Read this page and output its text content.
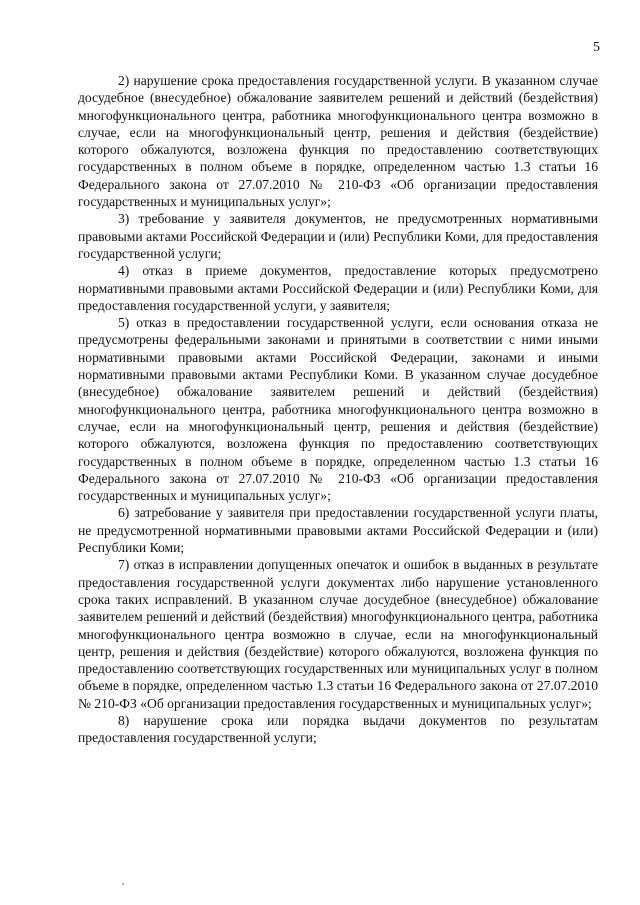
5

2) нарушение срока предоставления государственной услуги. В указанном случае досудебное (внесудебное) обжалование заявителем решений и действий (бездействия) многофункционального центра, работника многофункционального центра возможно в случае, если на многофункциональный центр, решения и действия (бездействие) которого обжалуются, возложена функция по предоставлению соответствующих государственных в полном объеме в порядке, определенном частью 1.3 статьи 16 Федерального закона от 27.07.2010 № 210-ФЗ «Об организации предоставления государственных и муниципальных услуг»;

3) требование у заявителя документов, не предусмотренных нормативными правовыми актами Российской Федерации и (или) Республики Коми, для предоставления государственной услуги;

4) отказ в приеме документов, предоставление которых предусмотрено нормативными правовыми актами Российской Федерации и (или) Республики Коми, для предоставления государственной услуги, у заявителя;

5) отказ в предоставлении государственной услуги, если основания отказа не предусмотрены федеральными законами и принятыми в соответствии с ними иными нормативными правовыми актами Российской Федерации, законами и иными нормативными правовыми актами Республики Коми. В указанном случае досудебное (внесудебное) обжалование заявителем решений и действий (бездействия) многофункционального центра, работника многофункционального центра возможно в случае, если на многофункциональный центр, решения и действия (бездействие) которого обжалуются, возложена функция по предоставлению соответствующих государственных в полном объеме в порядке, определенном частью 1.3 статьи 16 Федерального закона от 27.07.2010 № 210-ФЗ «Об организации предоставления государственных и муниципальных услуг»;

6) затребование у заявителя при предоставлении государственной услуги платы, не предусмотренной нормативными правовыми актами Российской Федерации и (или) Республики Коми;

7) отказ в исправлении допущенных опечаток и ошибок в выданных в результате предоставления государственной услуги документах либо нарушение установленного срока таких исправлений. В указанном случае досудебное (внесудебное) обжалование заявителем решений и действий (бездействия) многофункционального центра, работника многофункционального центра возможно в случае, если на многофункциональный центр, решения и действия (бездействие) которого обжалуются, возложена функция по предоставлению соответствующих государственных или муниципальных услуг в полном объеме в порядке, определенном частью 1.3 статьи 16 Федерального закона от 27.07.2010 № 210-ФЗ «Об организации предоставления государственных и муниципальных услуг»;

8) нарушение срока или порядка выдачи документов по результатам предоставления государственной услуги;
